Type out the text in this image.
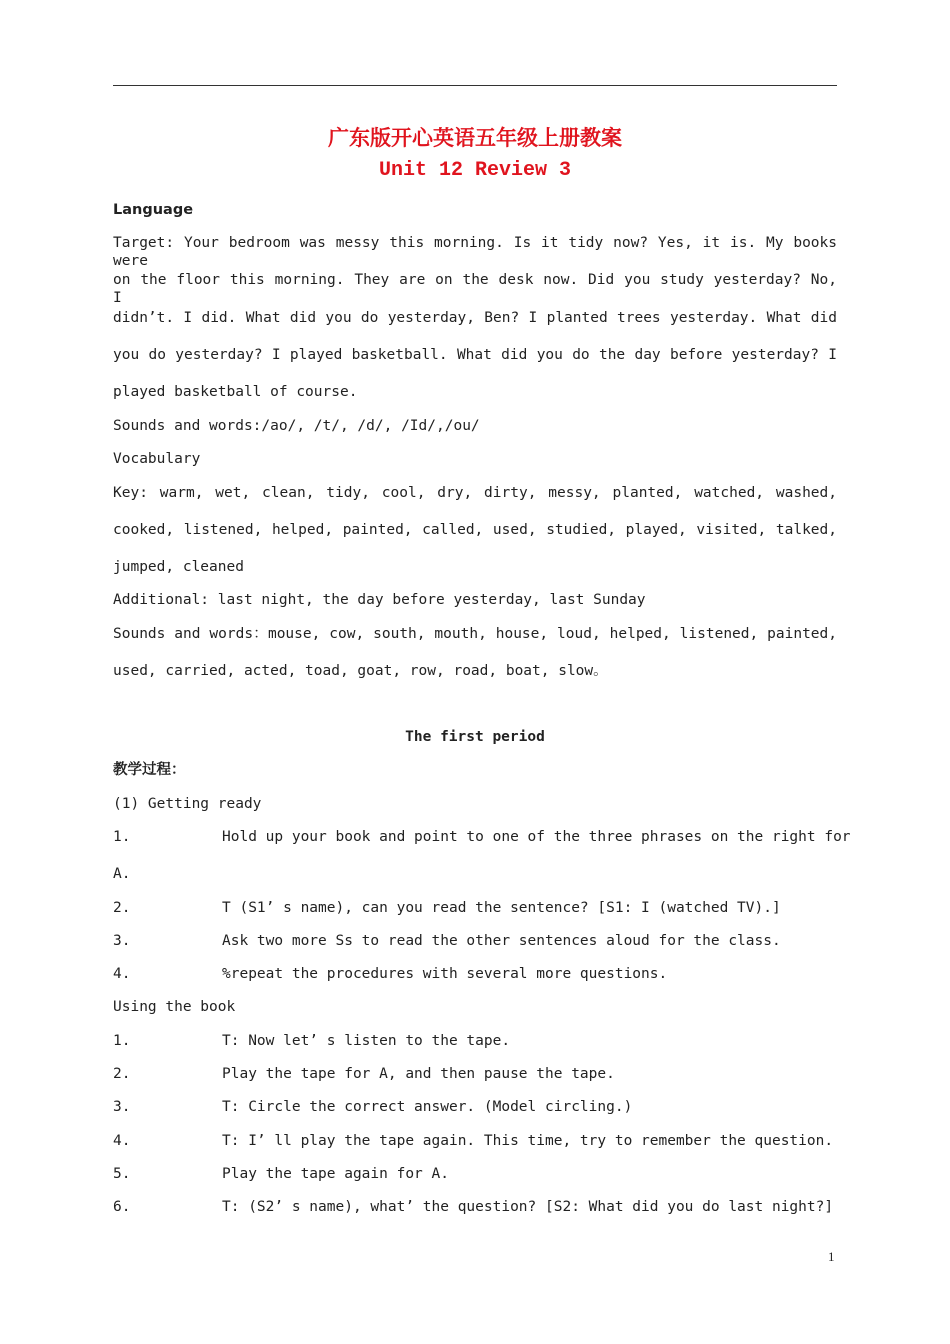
广东版开心英语五年级上册教案
Unit 12 Review 3
Language
Target: Your bedroom was messy this morning. Is it tidy now? Yes, it is. My books were
on the floor this morning. They are on the desk now. Did you study yesterday? No, I
didn’t. I did. What did you do yesterday, Ben? I planted trees yesterday. What did
you do yesterday? I played basketball. What did you do the day before yesterday? I
played basketball of course.
Sounds and words:/ao/, /t/, /d/, /Id/,/ou/
Vocabulary
Key: warm, wet, clean, tidy, cool, dry, dirty, messy, planted, watched, washed,
cooked, listened, helped, painted, called, used, studied, played, visited, talked,
jumped, cleaned
Additional: last night, the day before yesterday, last Sunday
Sounds and words：mouse, cow, south, mouth, house, loud, helped, listened, painted,
used, carried, acted, toad, goat, row, road, boat, slow。
The first period
教学过程：
(1) Getting ready
1.	Hold up your book and point to one of the three phrases on the right for
A.
2.	T (S1’ s name), can you read the sentence? [S1: I (watched TV).]
3.	Ask two more Ss to read the other sentences aloud for the class.
4.	%repeat the procedures with several more questions.
Using the book
1.	T: Now let’ s listen to the tape.
2.	Play the tape for A, and then pause the tape.
3.	T: Circle the correct answer. (Model circling.)
4.	T: I’ ll play the tape again. This time, try to remember the question.
5.	Play the tape again for A.
6.	T: (S2’ s name), what’ the question? [S2: What did you do last night?]
1
